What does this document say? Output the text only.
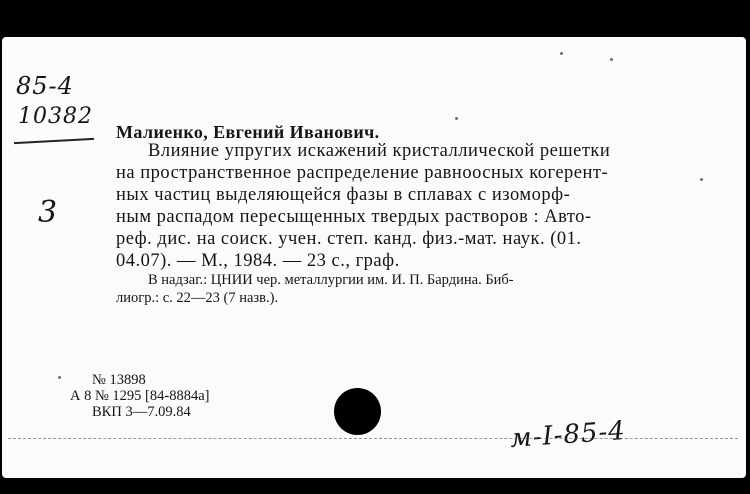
85-4
10382
3
Малиенко, Евгений Иванович.
Влияние упругих искажений кристаллической решетки
на пространственное распределение равноосных когерент-
ных частиц выделяющейся фазы в сплавах с изоморф-
ным распадом пересыщенных твердых растворов : Авто-
реф. дис. на соиск. учен. степ. канд. физ.-мат. наук. (01.
04.07). — М., 1984. — 23 с., граф.
В надзаг.: ЦНИИ чер. металлургии им. И. П. Бардина. Биб-
лиогр.: с. 22—23 (7 назв.).
№ 13898
А 8 № 1295 [84-8884а]
ВКП 3—7.09.84
м-I-85-4
